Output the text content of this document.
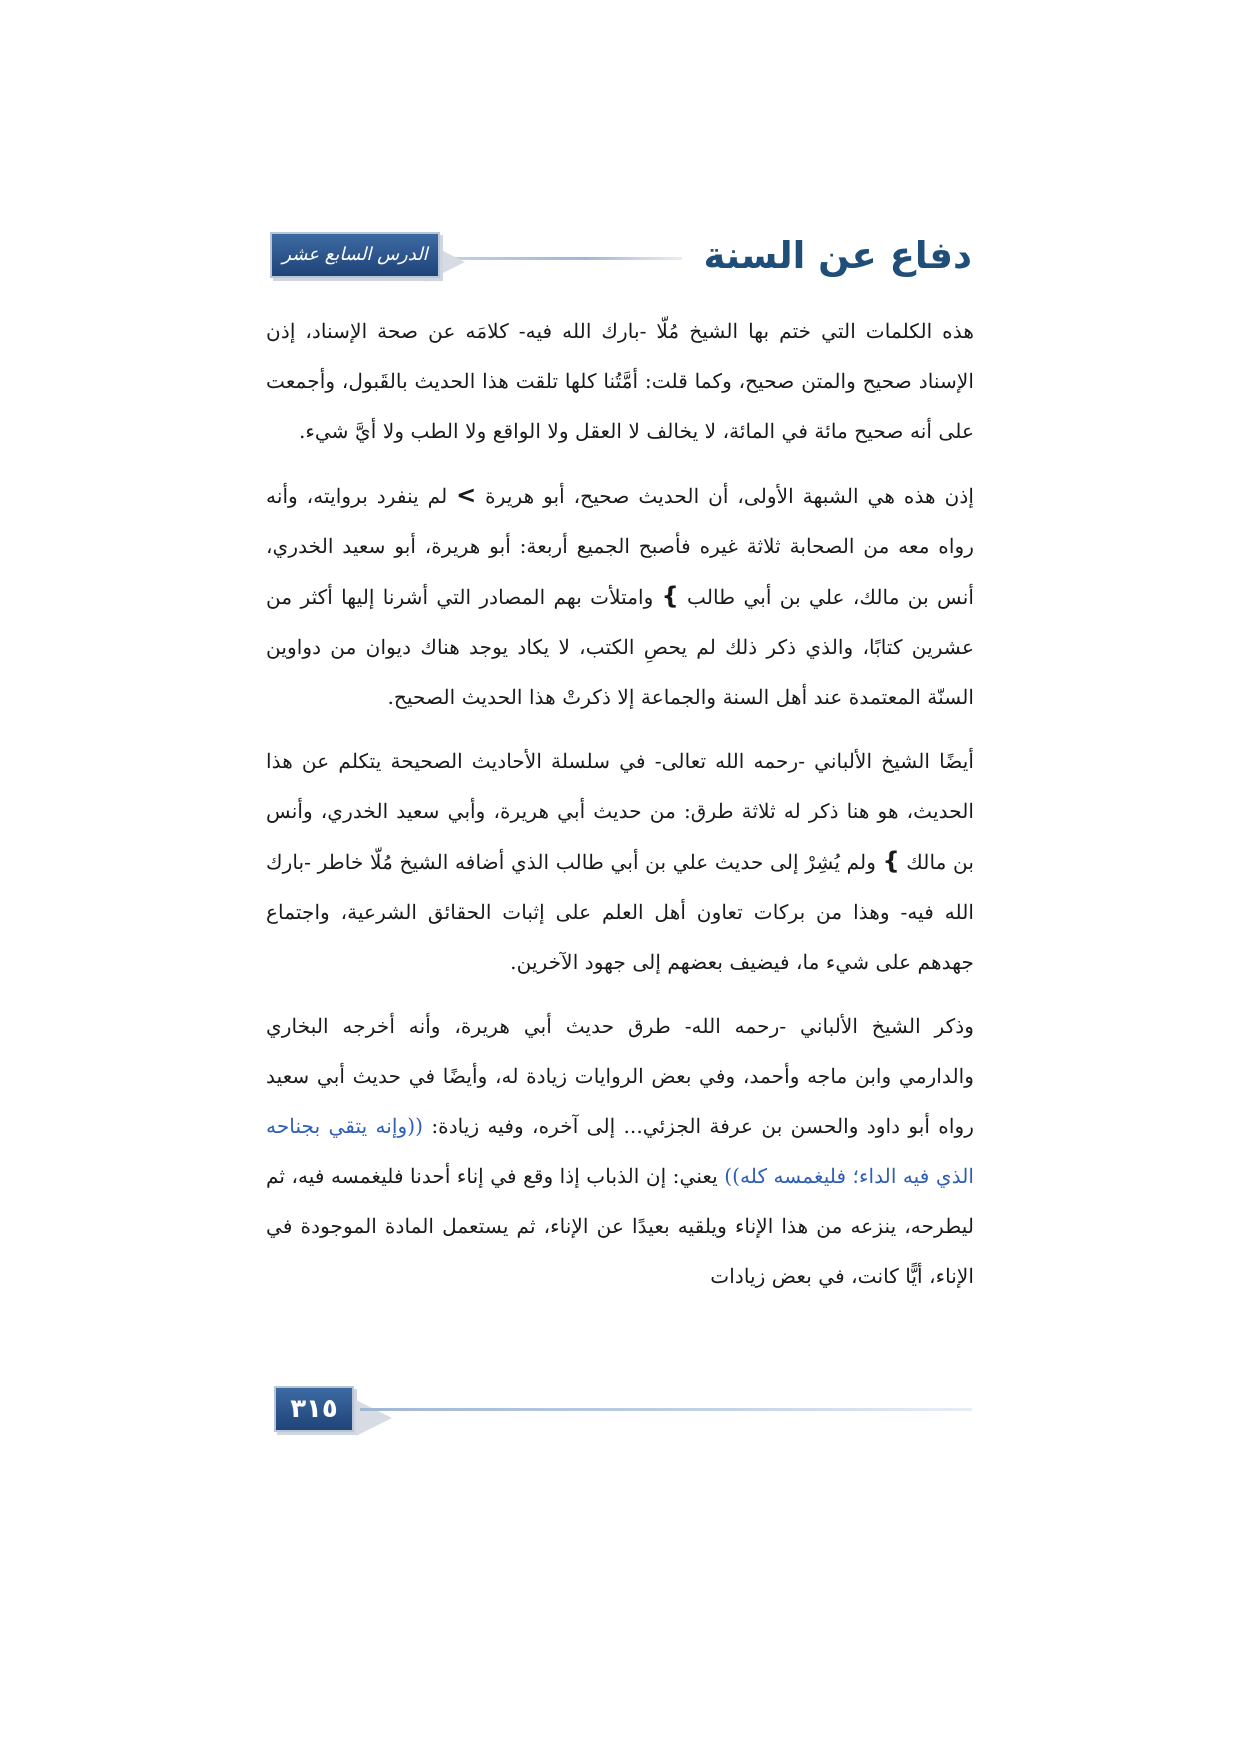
دفاع عن السنة
الدرس السابع عشر

هذه الكلمات التي ختم بها الشيخ مُلّا -بارك الله فيه- كلامَه عن صحة الإسناد، إذن الإسناد صحيح والمتن صحيح، وكما قلت: أمَّتُنا كلها تلقت هذا الحديث بالقَبول، وأجمعت على أنه صحيح مائة في المائة، لا يخالف لا العقل ولا الواقع ولا الطب ولا أيَّ شيء.

إذن هذه هي الشبهة الأولى، أن الحديث صحيح، أبو هريرة > لم ينفرد بروايته، وأنه رواه معه من الصحابة ثلاثة غيره فأصبح الجميع أربعة: أبو هريرة، أبو سعيد الخدري، أنس بن مالك، علي بن أبي طالب } وامتلأت بهم المصادر التي أشرنا إليها أكثر من عشرين كتابًا، والذي ذكر ذلك لم يحصِ الكتب، لا يكاد يوجد هناك ديوان من دواوين السنّة المعتمدة عند أهل السنة والجماعة إلا ذكرتْ هذا الحديث الصحيح.

أيضًا الشيخ الألباني -رحمه الله تعالى- في سلسلة الأحاديث الصحيحة يتكلم عن هذا الحديث، هو هنا ذكر له ثلاثة طرق: من حديث أبي هريرة، وأبي سعيد الخدري، وأنس بن مالك } ولم يُشِرْ إلى حديث علي بن أبي طالب الذي أضافه الشيخ مُلّا خاطر -بارك الله فيه- وهذا من بركات تعاون أهل العلم على إثبات الحقائق الشرعية، واجتماع جهدهم على شيء ما، فيضيف بعضهم إلى جهود الآخرين.

وذكر الشيخ الألباني -رحمه الله- طرق حديث أبي هريرة، وأنه أخرجه البخاري والدارمي وابن ماجه وأحمد، وفي بعض الروايات زيادة له، وأيضًا في حديث أبي سعيد رواه أبو داود والحسن بن عرفة الجزئي... إلى آخره، وفيه زيادة: ((وإنه يتقي بجناحه الذي فيه الداء؛ فليغمسه كله)) يعني: إن الذباب إذا وقع في إناء أحدنا فليغمسه فيه، ثم ليطرحه، ينزعه من هذا الإناء ويلقيه بعيدًا عن الإناء، ثم يستعمل المادة الموجودة في الإناء، أيًّا كانت، في بعض زيادات

٣١٥
